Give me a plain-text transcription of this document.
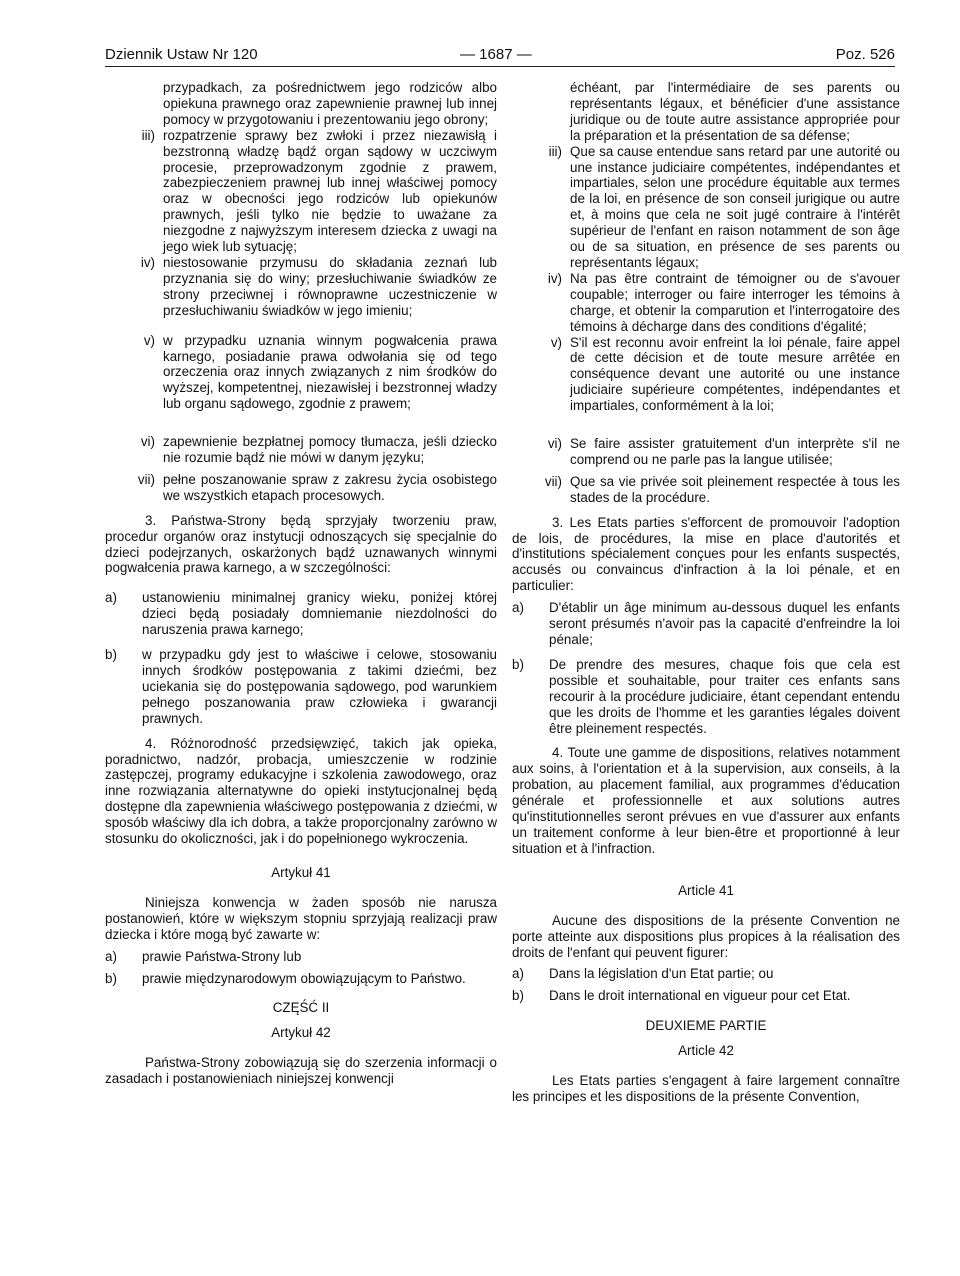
Dziennik Ustaw Nr 120	— 1687 —	Poz. 526
przypadkach, za pośrednictwem jego rodziców albo opiekuna prawnego oraz zapewnienie prawnej lub innej pomocy w przygotowaniu i prezentowaniu jego obrony;
iii) rozpatrzenie sprawy bez zwłoki i przez niezawisłą i bezstronną władzę bądź organ sądowy w uczciwym procesie, przeprowadzonym zgodnie z prawem, zabezpieczeniem prawnej lub innej właściwej pomocy oraz w obecności jego rodziców lub opiekunów prawnych, jeśli tylko nie będzie to uważane za niezgodne z najwyższym interesem dziecka z uwagi na jego wiek lub sytuację;
iv) niestosowanie przymusu do składania zeznań lub przyznania się do winy; przesłuchiwanie świadków ze strony przeciwnej i równoprawne uczestniczenie w przesłuchiwaniu świadków w jego imieniu;
v) w przypadku uznania winnym pogwałcenia prawa karnego, posiadanie prawa odwołania się od tego orzeczenia oraz innych związanych z nim środków do wyższej, kompetentnej, niezawisłej i bezstronnej władzy lub organu sądowego, zgodnie z prawem;
vi) zapewnienie bezpłatnej pomocy tłumacza, jeśli dziecko nie rozumie bądź nie mówi w danym języku;
vii) pełne poszanowanie spraw z zakresu życia osobistego we wszystkich etapach procesowych.

3. Państwa-Strony będą sprzyjały tworzeniu praw, procedur organów oraz instytucji odnoszących się specjalnie do dzieci podejrzanych, oskarżonych bądź uznawanych winnymi pogwałcenia prawa karnego, a w szczególności:

a) ustanowieniu minimalnej granicy wieku, poniżej której dzieci będą posiadały domniemanie niezdolności do naruszenia prawa karnego;
b) w przypadku gdy jest to właściwe i celowe, stosowaniu innych środków postępowania z takimi dziećmi, bez uciekania się do postępowania sądowego, pod warunkiem pełnego poszanowania praw człowieka i gwarancji prawnych.

4. Różnorodność przedsięwzięć, takich jak opieka, poradnictwo, nadzór, probacja, umieszczenie w rodzinie zastępczej, programy edukacyjne i szkolenia zawodowego, oraz inne rozwiązania alternatywne do opieki instytucjonalnej będą dostępne dla zapewnienia właściwego postępowania z dziećmi, w sposób właściwy dla ich dobra, a także proporcjonalny zarówno w stosunku do okoliczności, jak i do popełnionego wykroczenia.

Artykuł 41

Niniejsza konwencja w żaden sposób nie narusza postanowień, które w większym stopniu sprzyjają realizacji praw dziecka i które mogą być zawarte w:

a) prawie Państwa-Strony lub
b) prawie międzynarodowym obowiązującym to Państwo.

CZĘŚĆ II

Artykuł 42

Państwa-Strony zobowiązują się do szerzenia informacji o zasadach i postanowieniach niniejszej konwencji

échéant, par l'intermédiaire de ses parents ou représentants légaux, et bénéficier d'une assistance juridique ou de toute autre assistance appropriée pour la préparation et la présentation de sa défense;
iii) Que sa cause entendue sans retard par une autorité ou une instance judiciaire compétentes, indépendantes et impartiales, selon une procédure équitable aux termes de la loi, en présence de son conseil jurigique ou autre et, à moins que cela ne soit jugé contraire à l'intérêt supérieur de l'enfant en raison notamment de son âge ou de sa situation, en présence de ses parents ou représentants légaux;
iv) Na pas être contraint de témoigner ou de s'avouer coupable; interroger ou faire interroger les témoins à charge, et obtenir la comparution et l'interrogatoire des témoins à décharge dans des conditions d'égalité;
v) S'il est reconnu avoir enfreint la loi pénale, faire appel de cette décision et de toute mesure arrêtée en conséquence devant une autorité ou une instance judiciaire supérieure compétentes, indépendantes et impartiales, conformément à la loi;
vi) Se faire assister gratuitement d'un interprète s'il ne comprend ou ne parle pas la langue utilisée;
vii) Que sa vie privée soit pleinement respectée à tous les stades de la procédure.

3. Les Etats parties s'efforcent de promouvoir l'adoption de lois, de procédures, la mise en place d'autorités et d'institutions spécialement conçues pour les enfants suspectés, accusés ou convaincus d'infraction à la loi pénale, et en particulier:

a) D'établir un âge minimum au-dessous duquel les enfants seront présumés n'avoir pas la capacité d'enfreindre la loi pénale;
b) De prendre des mesures, chaque fois que cela est possible et souhaitable, pour traiter ces enfants sans recourir à la procédure judiciaire, étant cependant entendu que les droits de l'homme et les garanties légales doivent être pleinement respectés.

4. Toute une gamme de dispositions, relatives notamment aux soins, à l'orientation et à la supervision, aux conseils, à la probation, au placement familial, aux programmes d'éducation générale et professionnelle et aux solutions autres qu'institutionnelles seront prévues en vue d'assurer aux enfants un traitement conforme à leur bien-être et proportionné à leur situation et à l'infraction.

Article 41

Aucune des dispositions de la présente Convention ne porte atteinte aux dispositions plus propices à la réalisation des droits de l'enfant qui peuvent figurer:

a) Dans la législation d'un Etat partie; ou
b) Dans le droit international en vigueur pour cet Etat.

DEUXIEME PARTIE

Article 42

Les Etats parties s'engagent à faire largement connaître les principes et les dispositions de la présente Convention,
